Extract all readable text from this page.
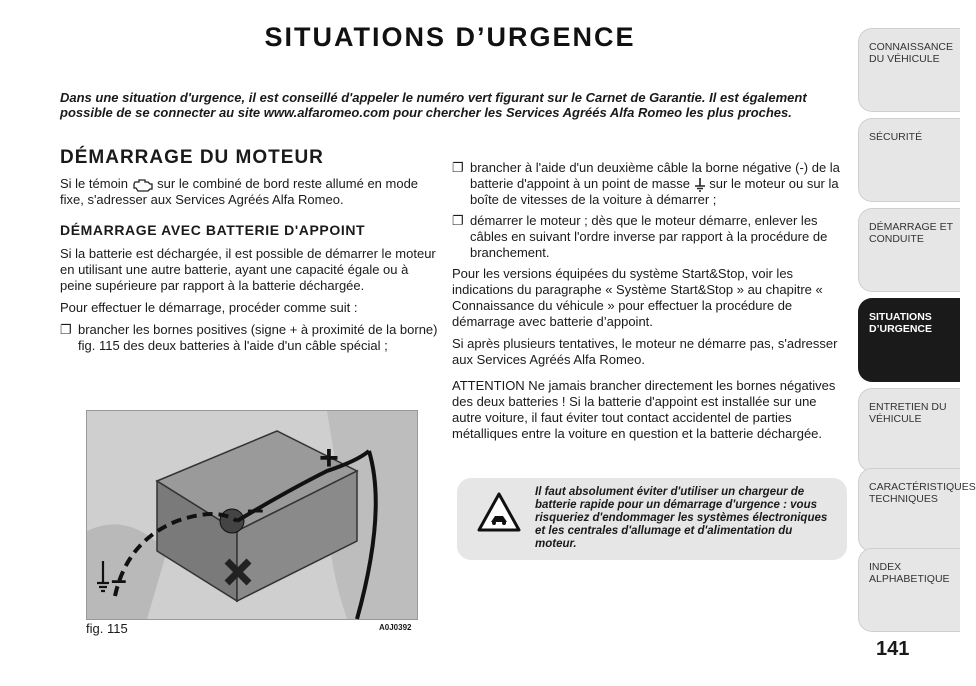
SITUATIONS D’URGENCE
Dans une situation d'urgence, il est conseillé d'appeler le numéro vert figurant sur le Carnet de Garantie. Il est également possible de se connecter au site www.alfaromeo.com pour chercher les Services Agréés Alfa Romeo les plus proches.
DÉMARRAGE DU MOTEUR

Si le témoin sur le combiné de bord reste allumé en mode fixe, s'adresser aux Services Agréés Alfa Romeo.

DÉMARRAGE AVEC BATTERIE D'APPOINT

Si la batterie est déchargée, il est possible de démarrer le moteur en utilisant une autre batterie, ayant une capacité égale ou à peine supérieure par rapport à la batterie déchargée.

Pour effectuer le démarrage, procéder comme suit :

❐ brancher les bornes positives (signe + à proximité de la borne) fig. 115 des deux batteries à l'aide d'un câble spécial ;
❐ brancher à l'aide d'un deuxième câble la borne négative (-) de la batterie d'appoint à un point de masse sur le moteur ou sur la boîte de vitesses de la voiture à démarrer ;
❐ démarrer le moteur ; dès que le moteur démarre, enlever les câbles en suivant l'ordre inverse par rapport à la procédure de branchement.

Pour les versions équipées du système Start&Stop, voir les indications du paragraphe « Système Start&Stop » au chapitre « Connaissance du véhicule » pour effectuer la procédure de démarrage avec batterie d’appoint.

Si après plusieurs tentatives, le moteur ne démarre pas, s'adresser aux Services Agréés Alfa Romeo.

ATTENTION Ne jamais brancher directement les bornes négatives des deux batteries ! Si la batterie d'appoint est installée sur une autre voiture, il faut éviter tout contact accidentel de parties métalliques entre la voiture en question et la batterie déchargée.

+
–
–
fig. 115	A0J0392
Il faut absolument éviter d'utiliser un chargeur de batterie rapide pour un démarrage d'urgence : vous risqueriez d'endommager les systèmes électroniques et les centrales d'allumage et d'alimentation du moteur.
CONNAISSANCE DU VÉHICULE
SÉCURITÉ
DÉMARRAGE ET CONDUITE
SITUATIONS D’URGENCE
ENTRETIEN DU VÉHICULE
CARACTÉRISTIQUES TECHNIQUES
INDEX ALPHABETIQUE
141
